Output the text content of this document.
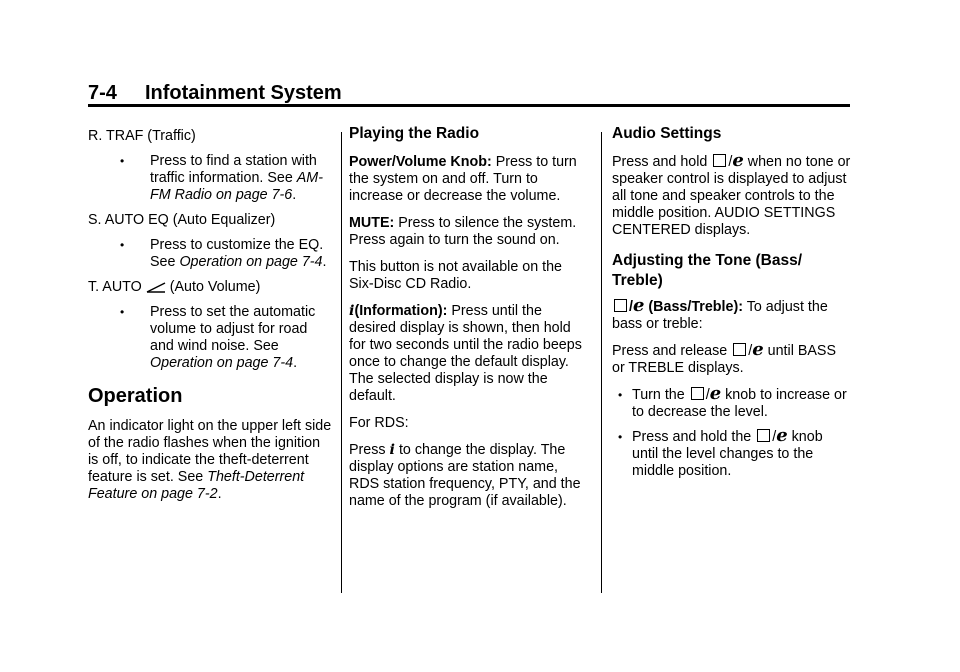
7-4 Infotainment System

R. TRAF (Traffic)

• Press to find a station with traffic information. See AM-FM Radio on page 7-6.

S. AUTO EQ (Auto Equalizer)

• Press to customize the EQ. See Operation on page 7-4.

T. AUTO (Auto Volume)

• Press to set the automatic volume to adjust for road and wind noise. See Operation on page 7-4.

Operation

An indicator light on the upper left side of the radio flashes when the ignition is off, to indicate the theft-deterrent feature is set. See Theft-Deterrent Feature on page 7-2.

Playing the Radio

Power/Volume Knob: Press to turn the system on and off. Turn to increase or decrease the volume.

MUTE: Press to silence the system. Press again to turn the sound on.

This button is not available on the Six-Disc CD Radio.

i(Information): Press until the desired display is shown, then hold for two seconds until the radio beeps once to change the default display. The selected display is now the default.

For RDS:

Press i to change the display. The display options are station name, RDS station frequency, PTY, and the name of the program (if available).

Audio Settings

Press and hold /e when no tone or speaker control is displayed to adjust all tone and speaker controls to the middle position. AUDIO SETTINGS CENTERED displays.

Adjusting the Tone (Bass/ Treble)

/e (Bass/Treble): To adjust the bass or treble:

Press and release /e until BASS or TREBLE displays.

• Turn the /e knob to increase or to decrease the level.
• Press and hold the /e knob until the level changes to the middle position.
